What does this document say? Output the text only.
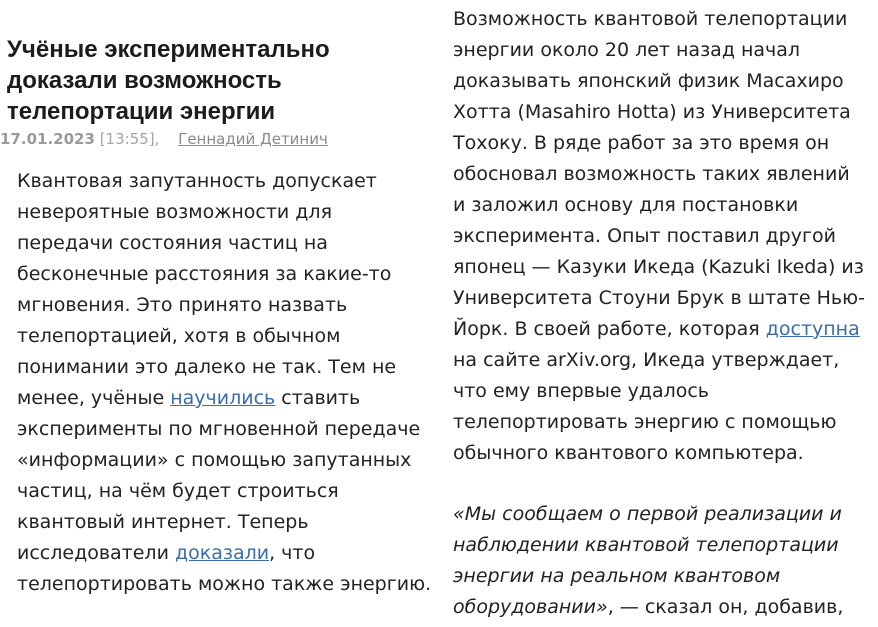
Учёные экспериментально
доказали возможность
телепортации энергии
17.01.2023 [13:55], Геннадий Детинич

Квантовая запутанность допускает
невероятные возможности для
передачи состояния частиц на
бесконечные расстояния за какие-то
мгновения. Это принято назвать
телепортацией, хотя в обычном
понимании это далеко не так. Тем не
менее, учёные научились ставить
эксперименты по мгновенной передаче
«информации» с помощью запутанных
частиц, на чём будет строиться
квантовый интернет. Теперь
исследователи доказали, что
телепортировать можно также энергию.

Возможность квантовой телепортации
энергии около 20 лет назад начал
доказывать японский физик Масахиро
Хотта (Masahiro Hotta) из Университета
Тохоку. В ряде работ за это время он
обосновал возможность таких явлений
и заложил основу для постановки
эксперимента. Опыт поставил другой
японец — Казуки Икеда (Kazuki Ikeda) из
Университета Стоуни Брук в штате Нью-
Йорк. В своей работе, которая доступна
на сайте arXiv.org, Икеда утверждает,
что ему впервые удалось
телепортировать энергию с помощью
обычного квантового компьютера.

«Мы сообщаем о первой реализации и
наблюдении квантовой телепортации
энергии на реальном квантовом
оборудовании», — сказал он, добавив,
